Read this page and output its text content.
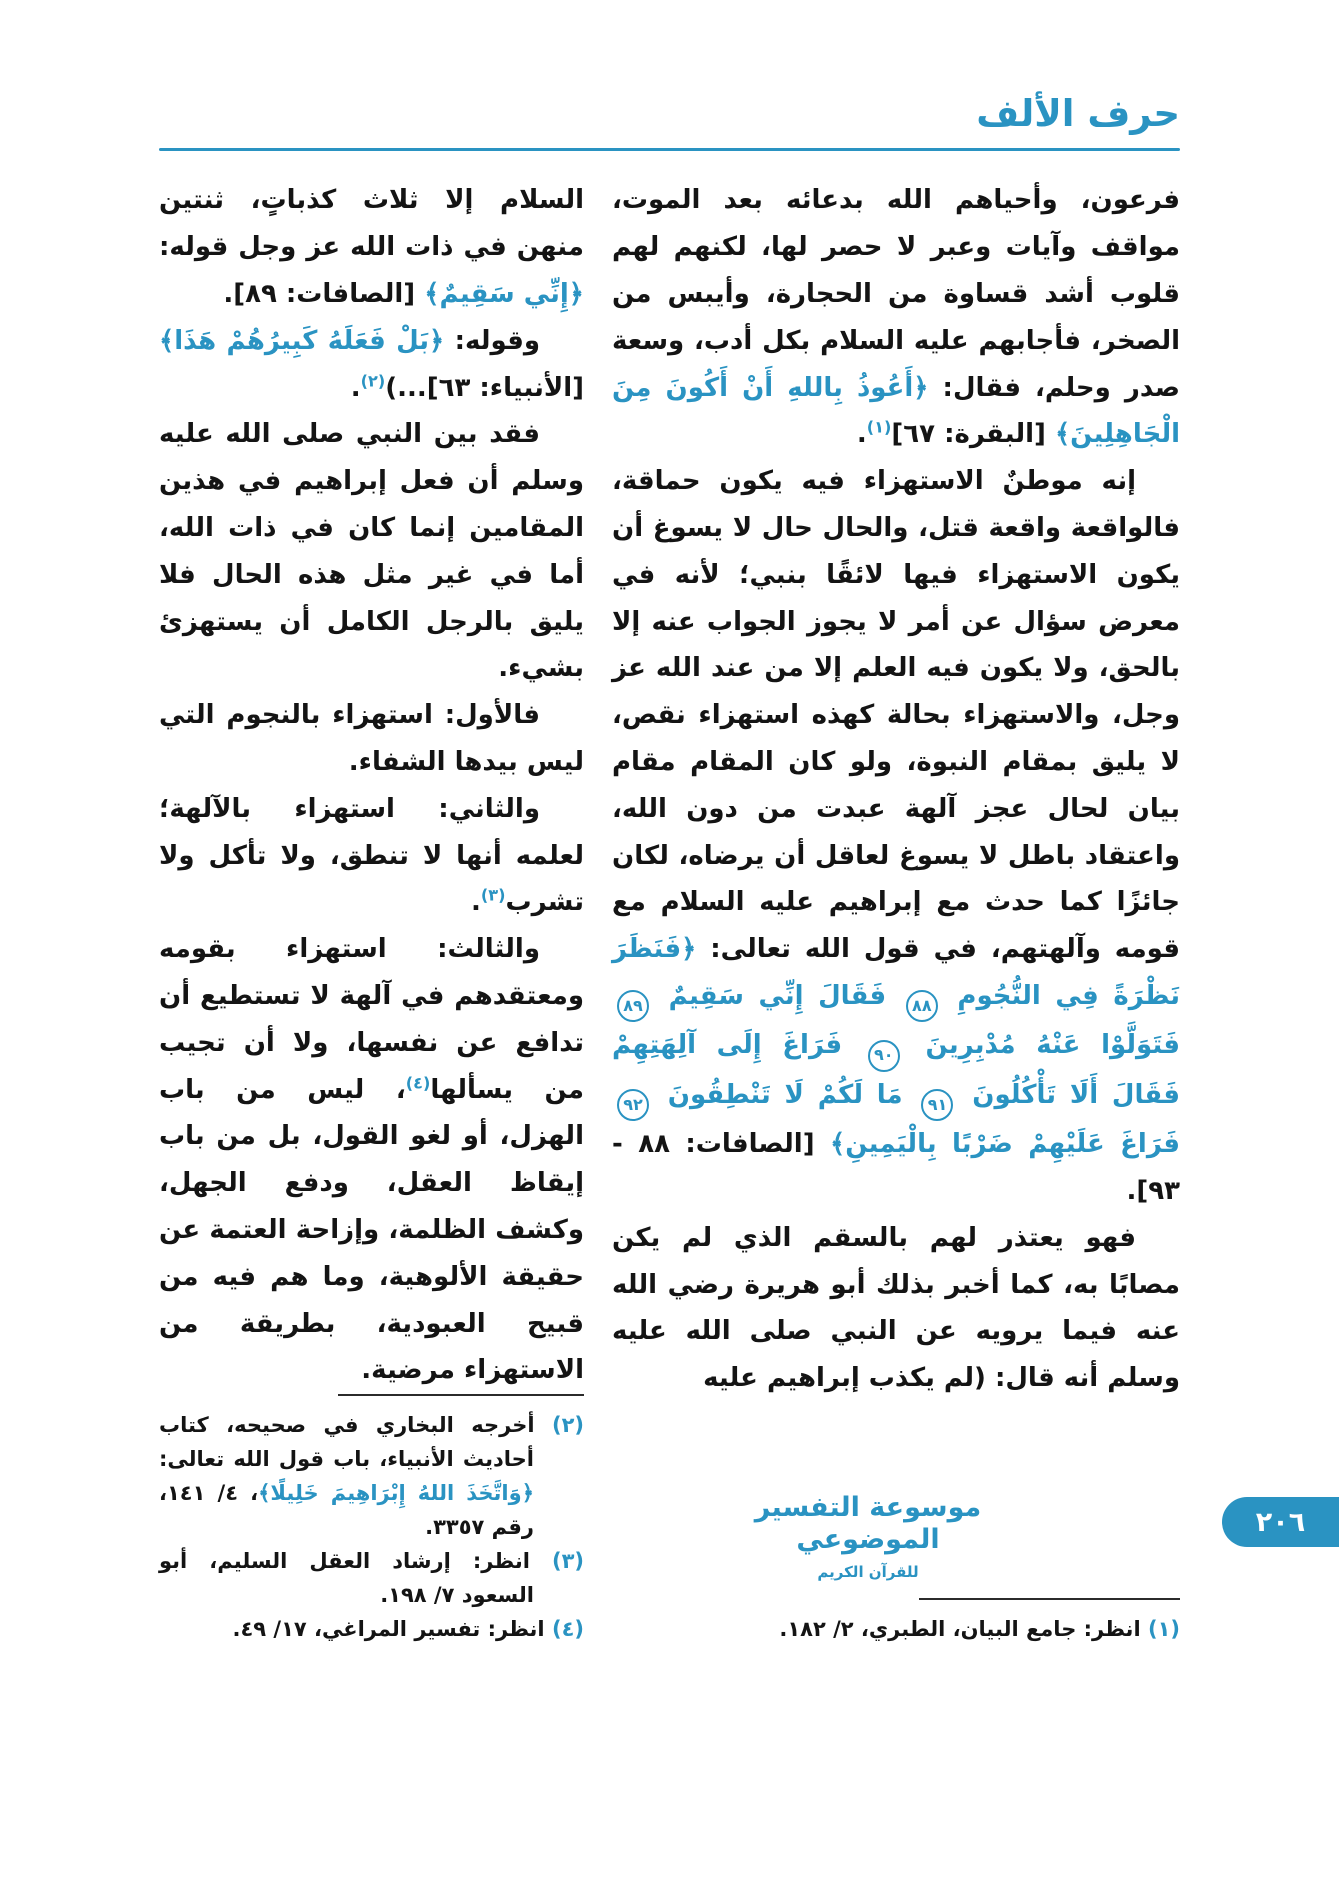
حرف الألف

فرعون، وأحياهم الله بدعائه بعد الموت، مواقف وآيات وعبر لا حصر لها، لكنهم لهم قلوب أشد قساوة من الحجارة، وأيبس من الصخر، فأجابهم عليه السلام بكل أدب، وسعة صدر وحلم، فقال: ﴿أَعُوذُ بِاللهِ أَنْ أَكُونَ مِنَ الْجَاهِلِينَ﴾ [البقرة: ٦٧]$^{(١)}$.

إنه موطنٌ الاستهزاء فيه يكون حماقة، فالواقعة واقعة قتل، والحال حال لا يسوغ أن يكون الاستهزاء فيها لائقًا بنبي؛ لأنه في معرض سؤال عن أمر لا يجوز الجواب عنه إلا بالحق، ولا يكون فيه العلم إلا من عند الله عز وجل، والاستهزاء بحالة كهذه استهزاء نقص، لا يليق بمقام النبوة، ولو كان المقام مقام بيان لحال عجز آلهة عبدت من دون الله، واعتقاد باطل لا يسوغ لعاقل أن يرضاه، لكان جائزًا كما حدث مع إبراهيم عليه السلام مع قومه وآلهتهم، في قول الله تعالى: ﴿فَنَظَرَ نَظْرَةً فِي النُّجُومِ ٨٨ فَقَالَ إِنِّي سَقِيمٌ ٨٩ فَتَوَلَّوْا عَنْهُ مُدْبِرِينَ ٩٠ فَرَاغَ إِلَى آلِهَتِهِمْ فَقَالَ أَلَا تَأْكُلُونَ ٩١ مَا لَكُمْ لَا تَنْطِقُونَ ٩٢ فَرَاغَ عَلَيْهِمْ ضَرْبًا بِالْيَمِينِ﴾ [الصافات: ٨٨ - ٩٣].

فهو يعتذر لهم بالسقم الذي لم يكن مصابًا به، كما أخبر بذلك أبو هريرة رضي الله عنه فيما يرويه عن النبي صلى الله عليه وسلم أنه قال: (لم يكذب إبراهيم عليه

(١) انظر: جامع البيان، الطبري، ٢/ ١٨٢.

السلام إلا ثلاث كذباتٍ، ثنتين منهن في ذات الله عز وجل قوله: ﴿إِنِّي سَقِيمٌ﴾ [الصافات: ٨٩].

وقوله: ﴿بَلْ فَعَلَهُ كَبِيرُهُمْ هَذَا﴾ [الأنبياء: ٦٣]...)$^{(٢)}$.

فقد بين النبي صلى الله عليه وسلم أن فعل إبراهيم في هذين المقامين إنما كان في ذات الله، أما في غير مثل هذه الحال فلا يليق بالرجل الكامل أن يستهزئ بشيء.

فالأول: استهزاء بالنجوم التي ليس بيدها الشفاء.

والثاني: استهزاء بالآلهة؛ لعلمه أنها لا تنطق، ولا تأكل ولا تشرب$^{(٣)}$.

والثالث: استهزاء بقومه ومعتقدهم في آلهة لا تستطيع أن تدافع عن نفسها، ولا أن تجيب من يسألها$^{(٤)}$، ليس من باب الهزل، أو لغو القول، بل من باب إيقاظ العقل، ودفع الجهل، وكشف الظلمة، وإزاحة العتمة عن حقيقة الألوهية، وما هم فيه من قبيح العبودية، بطريقة من الاستهزاء مرضية.

(٢) أخرجه البخاري في صحيحه، كتاب أحاديث الأنبياء، باب قول الله تعالى: ﴿وَاتَّخَذَ اللهُ إِبْرَاهِيمَ خَلِيلًا﴾، ٤/ ١٤١، رقم ٣٣٥٧.

(٣) انظر: إرشاد العقل السليم، أبو السعود ٧/ ١٩٨.

(٤) انظر: تفسير المراغي، ١٧/ ٤٩.

موسوعة التفسير الموضوعي
للقرآن الكريم
٢٠٦
